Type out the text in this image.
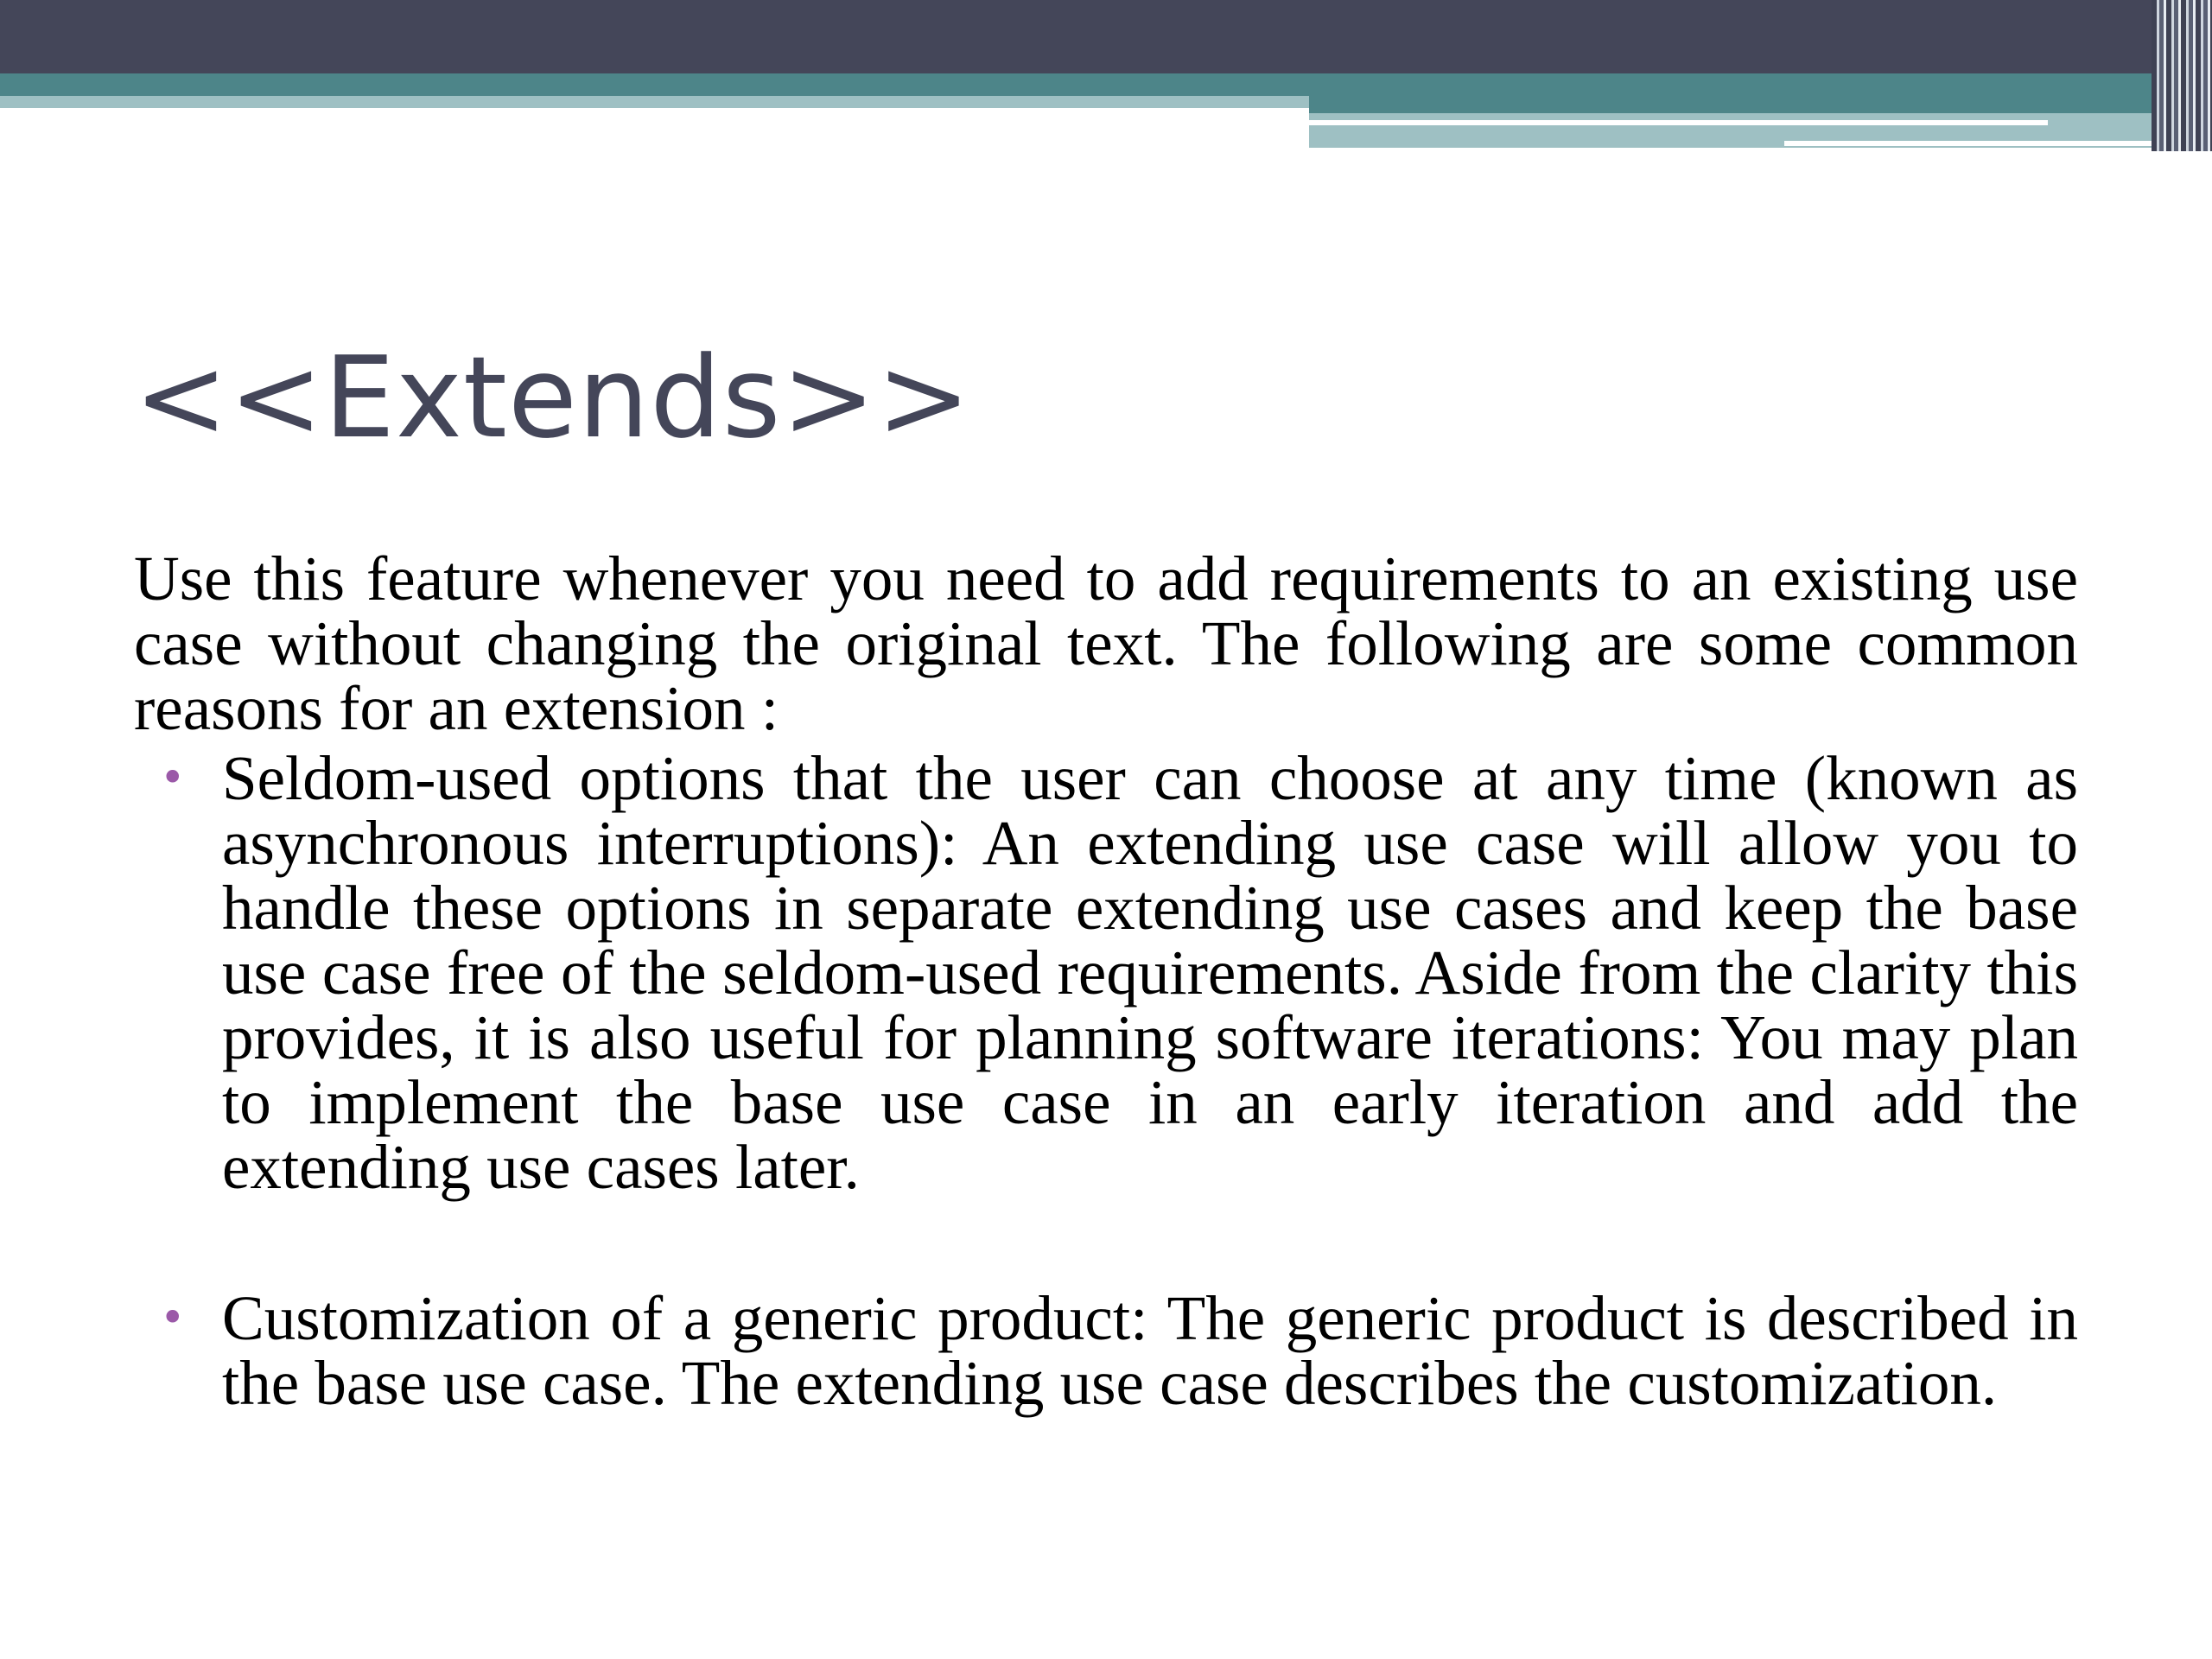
<<Extends>>

Use this feature whenever you need to add requirements to an existing use case without changing the original text. The following are some common reasons for an extension :

• Seldom-used options that the user can choose at any time (known as asynchronous interruptions): An extending use case will allow you to handle these options in separate extending use cases and keep the base use case free of the seldom-used requirements. Aside from the clarity this provides, it is also useful for planning software iterations: You may plan to implement the base use case in an early iteration and add the extending use cases later.
• Customization of a generic product: The generic product is described in the base use case. The extending use case describes the customization.
